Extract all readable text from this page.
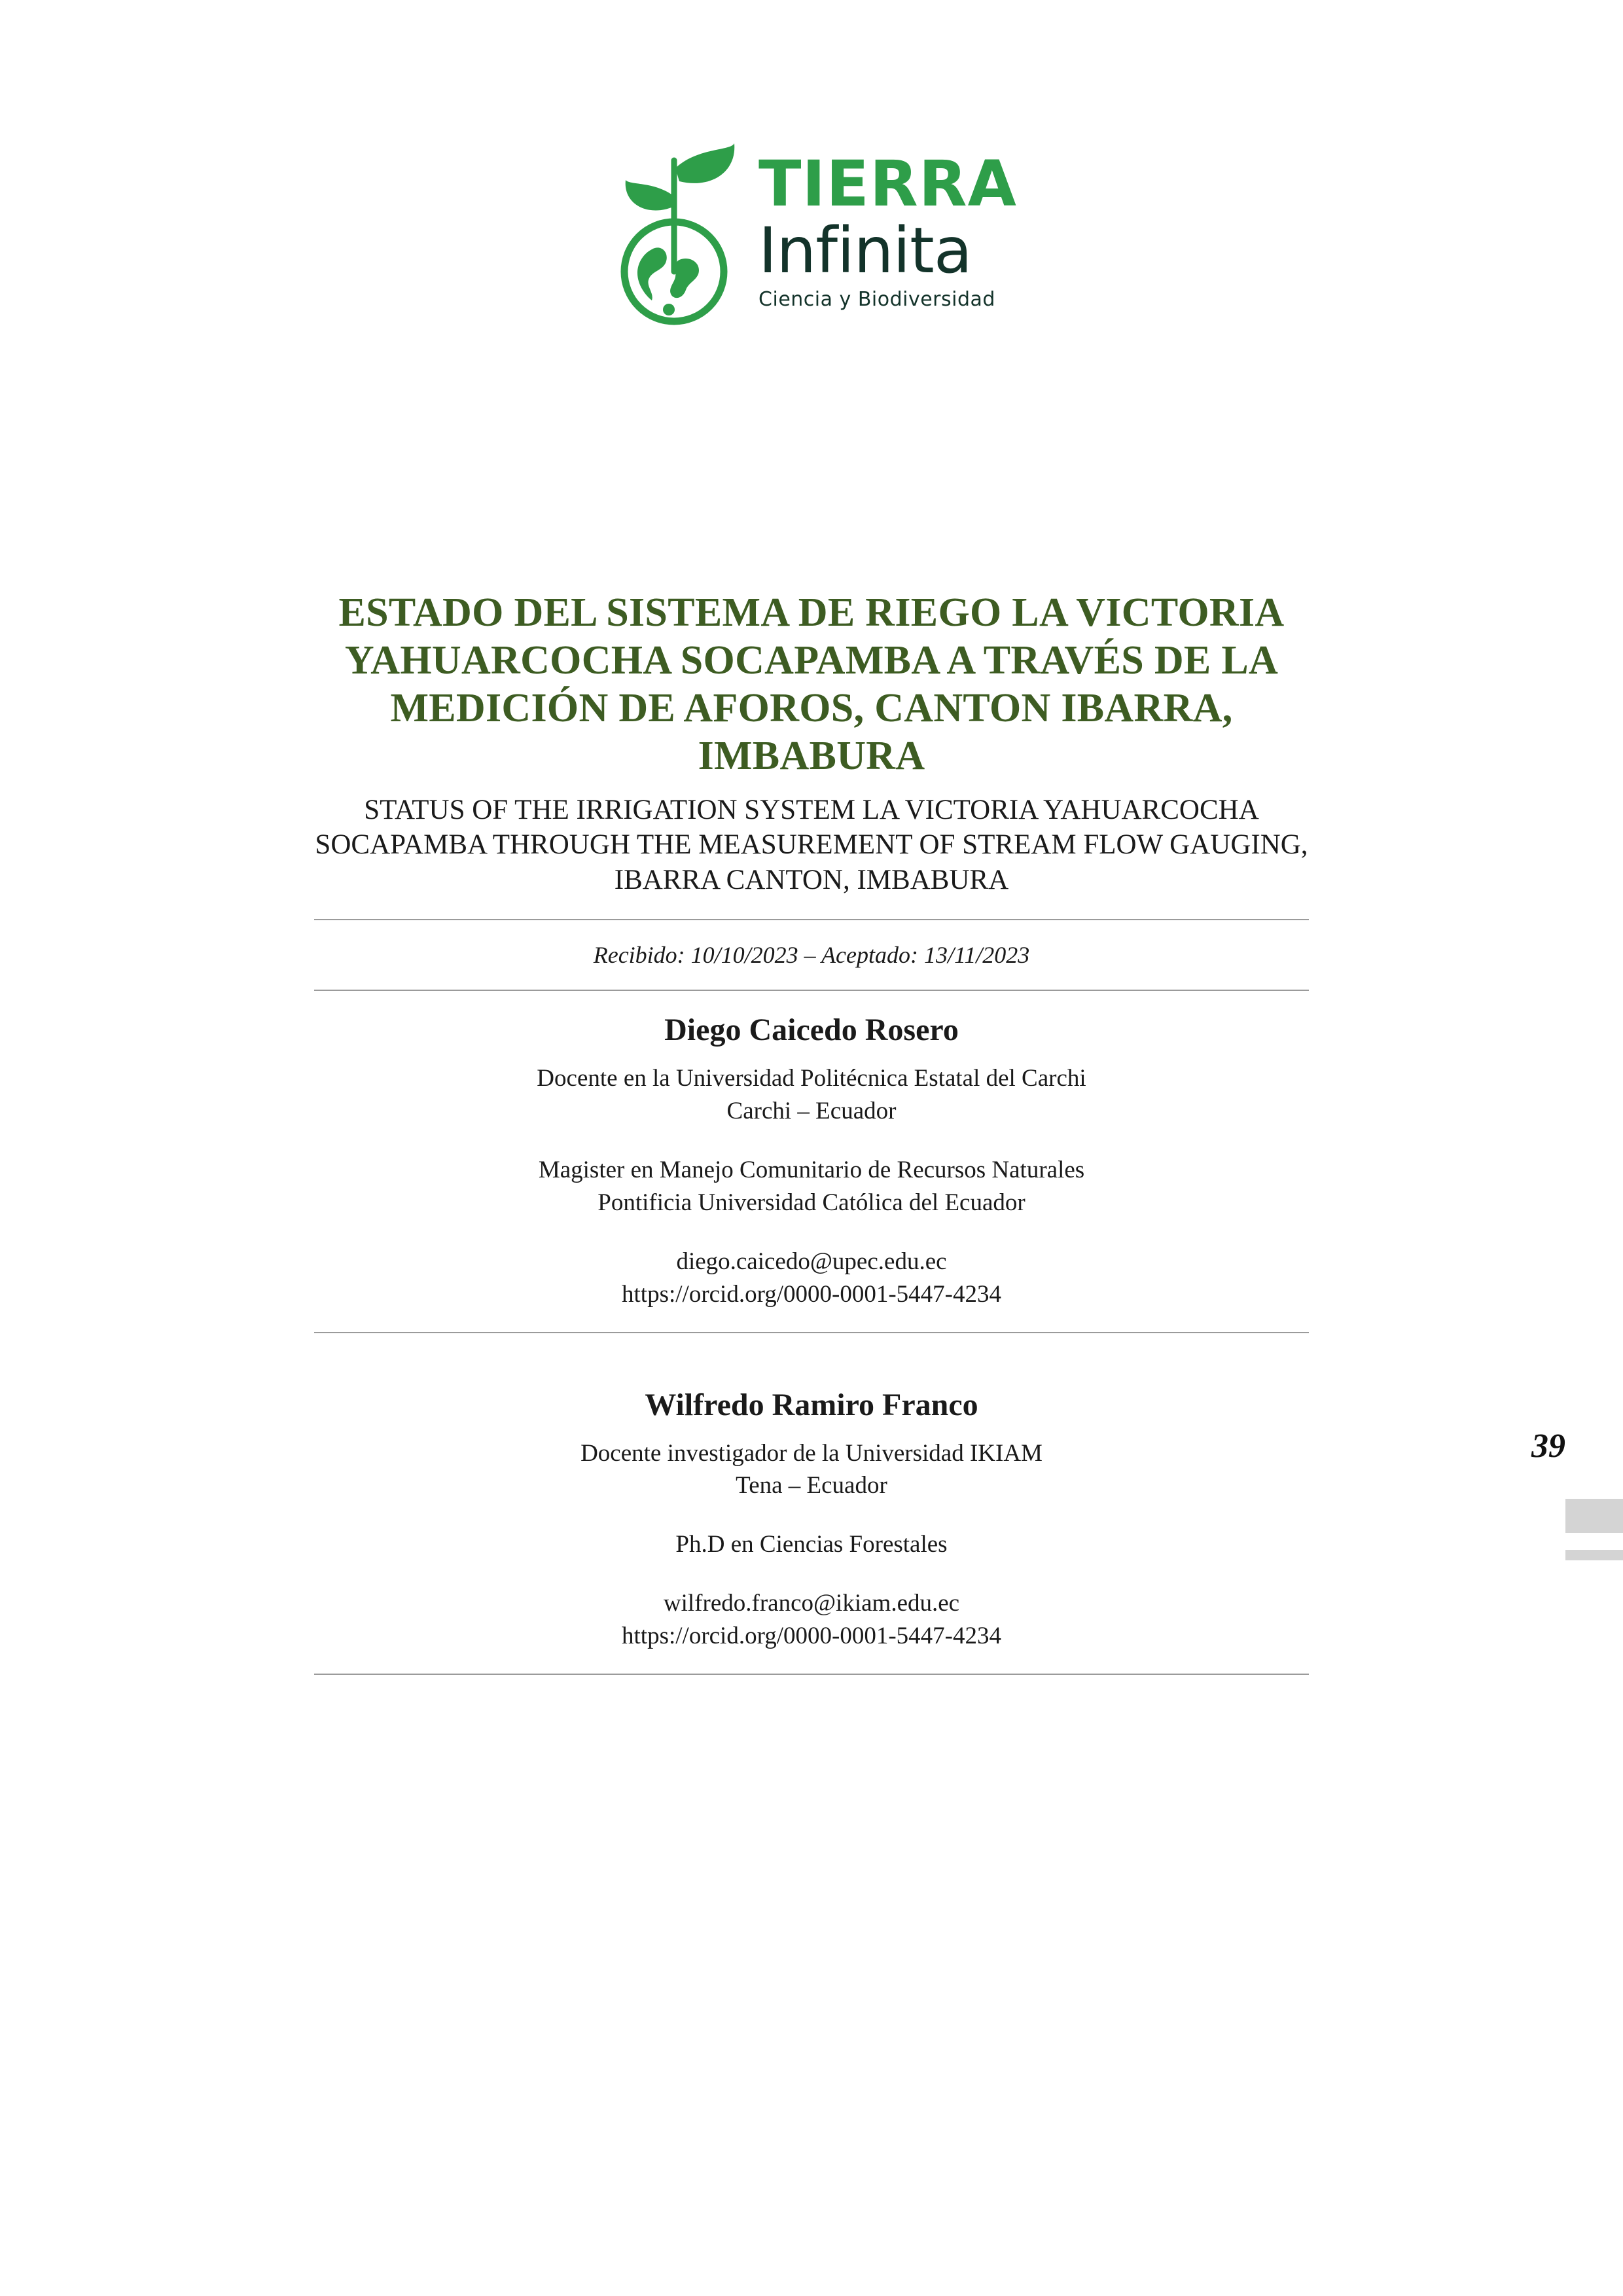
TIERRA
Infinita
Ciencia y Biodiversidad
ESTADO DEL SISTEMA DE RIEGO LA VICTORIA YAHUARCOCHA SOCAPAMBA A TRAVÉS DE LA MEDICIÓN DE AFOROS, CANTON IBARRA, IMBABURA

STATUS OF THE IRRIGATION SYSTEM LA VICTORIA YAHUARCOCHA SOCAPAMBA THROUGH THE MEASUREMENT OF STREAM FLOW GAUGING, IBARRA CANTON, IMBABURA

Recibido: 10/10/2023 – Aceptado: 13/11/2023

Diego Caicedo Rosero

Docente en la Universidad Politécnica Estatal del Carchi

Carchi – Ecuador

Magister en Manejo Comunitario de Recursos Naturales

Pontificia Universidad Católica del Ecuador

diego.caicedo@upec.edu.ec

https://orcid.org/0000-0001-5447-4234

Wilfredo Ramiro Franco

Docente investigador de la Universidad IKIAM

Tena – Ecuador

Ph.D en Ciencias Forestales

wilfredo.franco@ikiam.edu.ec

https://orcid.org/0000-0001-5447-4234

39
